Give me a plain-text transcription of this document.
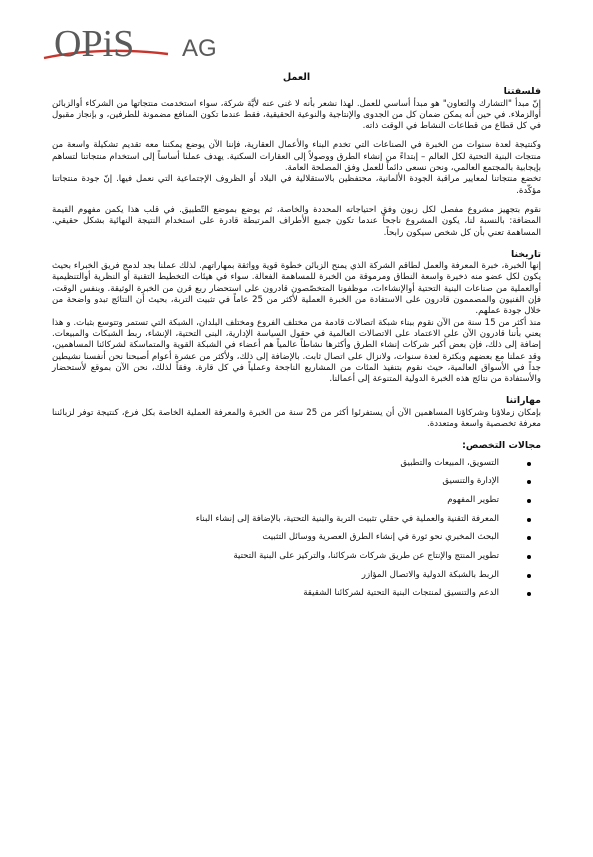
OPiS AG
العمل
فلسفتنا

إنّ مبدأ "التشارك والتعاون" هو مبدأ أساسي للعمل. لهذا نشعر بأنه لا غنى عنه لأيَّة شركة، سواء استخدمت منتجاتها من الشركاء أوالزبائن أوالزملاء. في حين أنه يمكن ضمان كل من الجدوى والإنتاجية والنوعية الحقيقية، فقط عندما تكون المنافع مضمونة للطرفين، و بإنجاز مقبول في كل قطاع من قطاعات النشاط في الوقت ذاته.

وكنتيجة لعدة سنوات من الخبرة في الصناعات التي تخدم البناء والأعمال العقارية، فإننا الآن يوضع يمكننا معه تقديم تشكيلة واسعة من منتجات البنية التحتية لكل العالم – إبتداءً من إنشاء الطرق ووصولاً إلى العقارات السكنية. يهدف عملنا أساساً إلى استخدام منتجاتنا لتساهم بإيجابية بالمجتمع العالمي، ونحن نسعى دائماً للعمل وفق المصلحة العامة.

تخضع منتجاتنا لمعايير مراقبة الجودة الألمانية، محتفظين بالاستقلالية في البلاد أو الظروف الإجتماعية التي نعمل فيها. إنّ جودة منتجاتنا مؤكّدة.

نقوم بتجهيز مشروع مفصل لكل زبون وفق احتياجاته المحددة والخاصة، ثم يوضع بموضع التّطبيق. في قلب هذا يكمن مفهوم القيمة المضافة: بالنسبة لنا، يكون المشروع ناجحاً عندما تكون جميع الأطراف المرتبطة قادرة على استخدام النتيجة النهائية بشكل حقيقي. المساهمة تعني بأن كل شخص سيكون رابحاً.

تاريخنا

إنها الخبرة، خبرة المعرفة والعمل لطاقم الشركة الذي يمنح الزبائن خطوة قوية وواثقة بمهاراتهم. لذلك عملنا بجد لدمج فريق الخبراء بحيث يكون لكل عضو منه ذخيرة واسعة النطاق ومرموقة من الخبرة للمساهمة الفعالة. سواء في هيئات التخطيط التقنية أو النظرية أوالتنظيمية أوالعملية من صناعات البنية التحتية أوالإنشاءات، موظفونا المتخصّصون قادرون على استحضار ربع قرن من الخبرة الوثيقة. وبنفس الوقت، فإن الفنيون والمصممون قادرون على الاستفادة من الخبرة العملية لأكثر من 25 عاماً في تثبيت التربة، بحيث أن النتائج تبدو واضحة من خلال جودة عملهم.

منذ أكثر من 15 سنة من الآن نقوم ببناء شبكة اتصالات قادمة من مختلف الفروع ومختلف البلدان، الشبكة التي تستمر وتتوسع بثبات. و هذا يعني بأننا قادرون الآن على الاعتماد على الاتصالات العالمية في حقول السياسة الإدارية، البنى التحتية، الإنشاء، ربط الشبكات والمبيعات. إضافة إلى ذلك، فإن بعض أكبر شركات إنشاء الطرق وأكثرها نشاطاً عالمياً هم أعضاء في الشبكة القوية والمتماسكة لشركائنا المساهمين، وقد عملنا مع بعضهم وبكثرة لعدة سنوات، ولانزال على اتصال ثابت. بالإضافة إلى ذلك، ولأكثر من عشرة أعوام أصبحنا نحن أنفسنا نشيطين جداً في الأسواق العالمية، حيث نقوم بتنفيذ المئات من المشاريع الناجحة وعملياً في كل قارة. وفقاً لذلك، نحن الآن بموقع لأستحضار والأستفادة من نتائج هذه الخبرة الدولية المتنوعة إلى أعمالنا.

مهاراتنا

بإمكان زملاؤنا وشركاؤنا المساهمين الآن أن يستفرئوا أكثر من 25 سنة من الخبرة والمعرفة العملية الخاصة بكل فرع، كنتيجة توفر لزبائننا معرفة تخصصية واسعة ومتعددة.

مجالات التخصص:
التسويق، المبيعات والتطبيق
الإدارة والتنسيق
تطوير المفهوم
المعرفة التقنية والعملية في حقلي تثبيت التربة والبنية التحتية، بالإضافة إلى إنشاء البناء
البحث المخبري نحو ثورة في إنشاء الطرق العصرية ووسائل التثبيت
تطوير المنتج والإنتاج عن طريق شركات شركائنا، والتركيز على البنية التحتية
الربط بالشبكة الدولية والاتصال المؤازر
الدعم والتنسيق لمنتجات البنية التحتية لشركائنا الشقيقة
